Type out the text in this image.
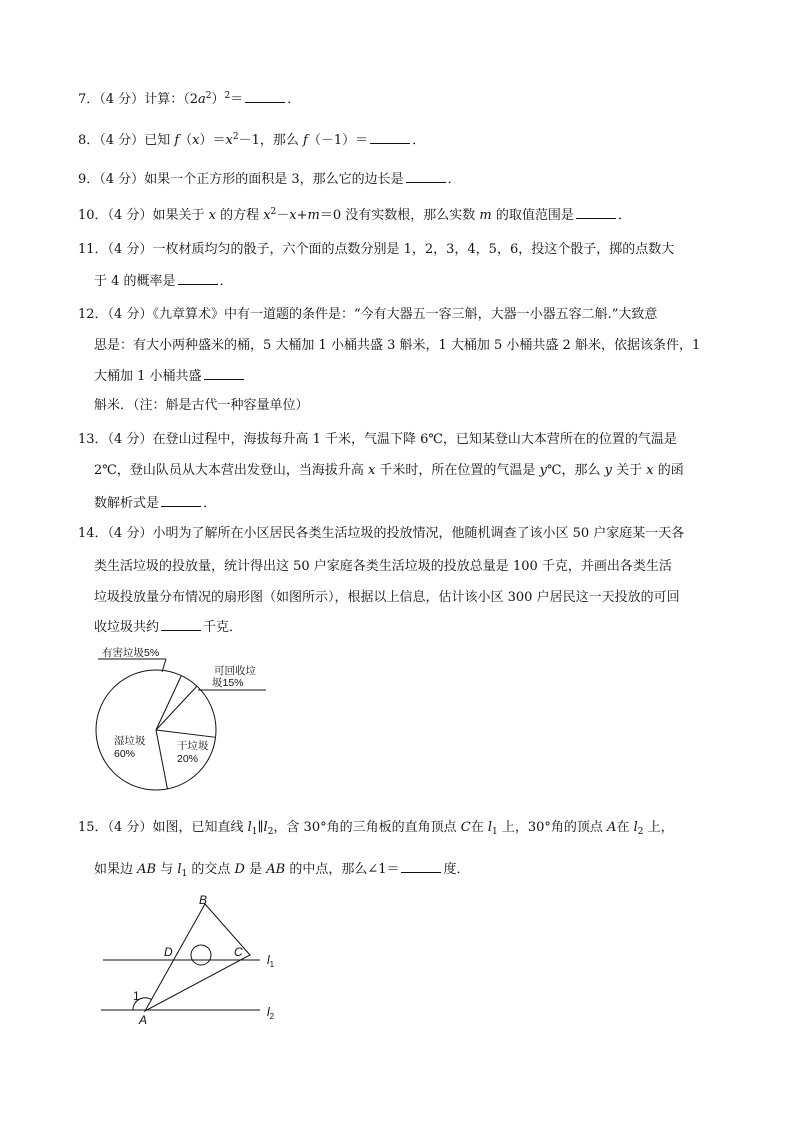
7．（4 分）计算：$(2a^2)^2=$	．
8．（4 分）已知 $f(x)=x^2-1$，那么 f（－1）＝	．
9．（4 分）如果一个正方形的面积是 3，那么它的边长是	．
10．（4 分）如果关于 x 的方程 $x^2-x+m=0$ 没有实数根，那么实数 m 的取值范围是	．
11．（4 分）一枚材质均匀的骰子，六个面的点数分别是 1，2，3，4，5，6，投这个骰子，掷的点数大
于 4 的概率是	．
12．（4 分）《九章算术》中有一道题的条件是：“今有大器五一容三斛，大器一小器五容二斛.”大致意
思是：有大小两种盛米的桶，5 大桶加 1 小桶共盛 3 斛米，1 大桶加 5 小桶共盛 2 斛米，依据该条件，1
大桶加 1 小桶共盛
斛米．（注：斛是古代一种容量单位）
13．（4 分）在登山过程中，海拔每升高 1 千米，气温下降 6℃，已知某登山大本营所在的位置的气温是
2℃，登山队员从大本营出发登山，当海拔升高 x 千米时，所在位置的气温是 y℃，那么 y 关于 x 的函
数解析式是	．
14．（4 分）小明为了解所在小区居民各类生活垃圾的投放情况，他随机调查了该小区 50 户家庭某一天各
类生活垃圾的投放量，统计得出这 50 户家庭各类生活垃圾的投放总量是 100 千克，并画出各类生活
垃圾投放量分布情况的扇形图（如图所示），根据以上信息，估计该小区 300 户居民这一天投放的可回
收垃圾共约	千克．
有害垃圾5%
可回收垃
圾15%
干垃圾
20%
湿垃圾
60%
15．（4 分）如图，已知直线 $l_1\parallel l_2$，含 30°角的三角板的直角顶点 C在 $l_1$ 上，30°角的顶点 A在 $l_2$ 上，
如果边 AB 与 $l_1$ 的交点 D 是 AB 的中点，那么∠1＝	度．
B
D	C
A
1
$l_1$
$l_2$
